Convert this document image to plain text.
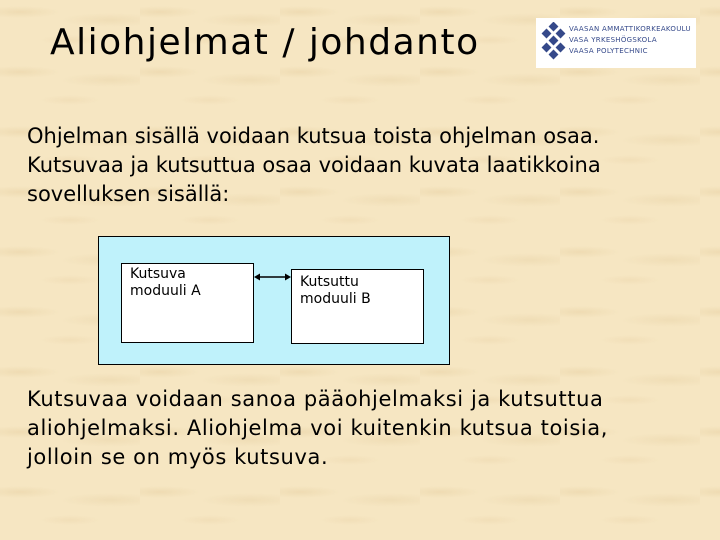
Aliohjelmat / johdanto	VAASAN AMMATTIKORKEAKOULU
VASA YRKESHÖGSKOLA
VAASA POLYTECHNIC

Ohjelman sisällä voidaan kutsua toista ohjelman osaa.
Kutsuvaa ja kutsuttua osaa voidaan kuvata laatikkoina
sovelluksen sisällä:

Kutsuva
moduuli A
Kutsuttu
moduuli B

Kutsuvaa voidaan sanoa pääohjelmaksi ja kutsuttua
aliohjelmaksi. Aliohjelma voi kuitenkin kutsua toisia,
jolloin se on myös kutsuva.
